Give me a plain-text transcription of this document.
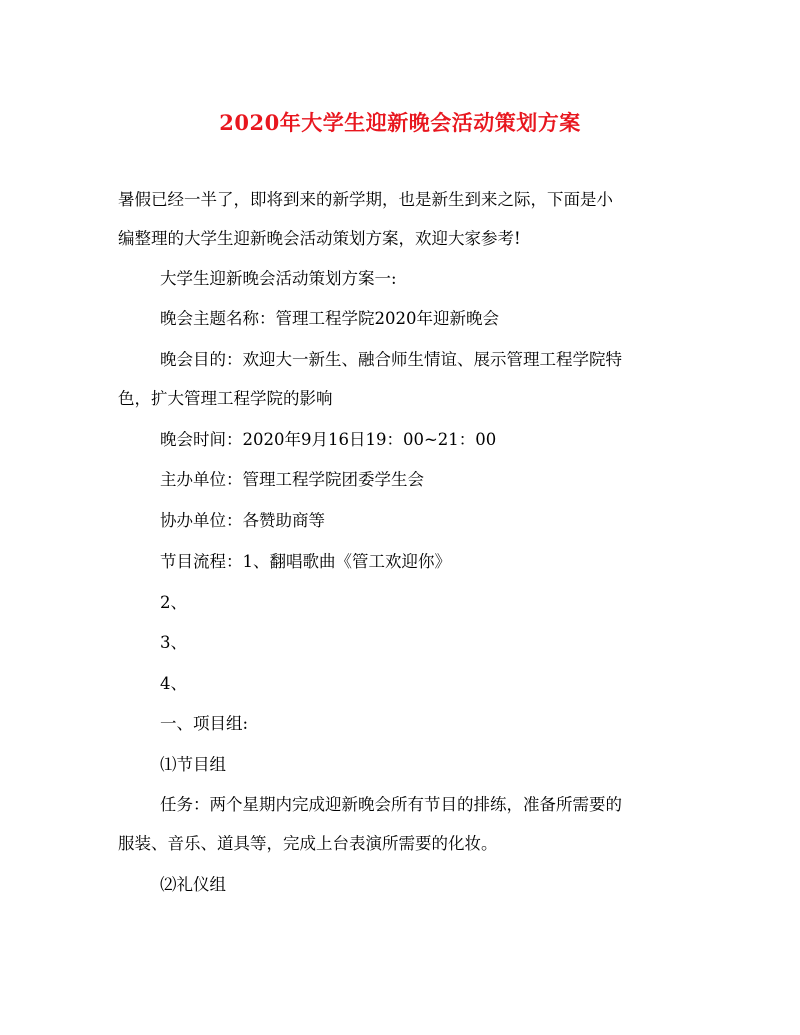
2020年大学生迎新晚会活动策划方案
暑假已经一半了，即将到来的新学期，也是新生到来之际，下面是小
编整理的大学生迎新晚会活动策划方案，欢迎大家参考!
大学生迎新晚会活动策划方案一:
晚会主题名称：管理工程学院2020年迎新晚会
晚会目的：欢迎大一新生、融合师生情谊、展示管理工程学院特
色，扩大管理工程学院的影响
晚会时间：2020年9月16日19：00~21：00
主办单位：管理工程学院团委学生会
协办单位：各赞助商等
节目流程：1、翻唱歌曲《管工欢迎你》
2、
3、
4、
一、项目组:
⑴节目组
任务：两个星期内完成迎新晚会所有节目的排练，准备所需要的
服装、音乐、道具等，完成上台表演所需要的化妆。
⑵礼仪组
